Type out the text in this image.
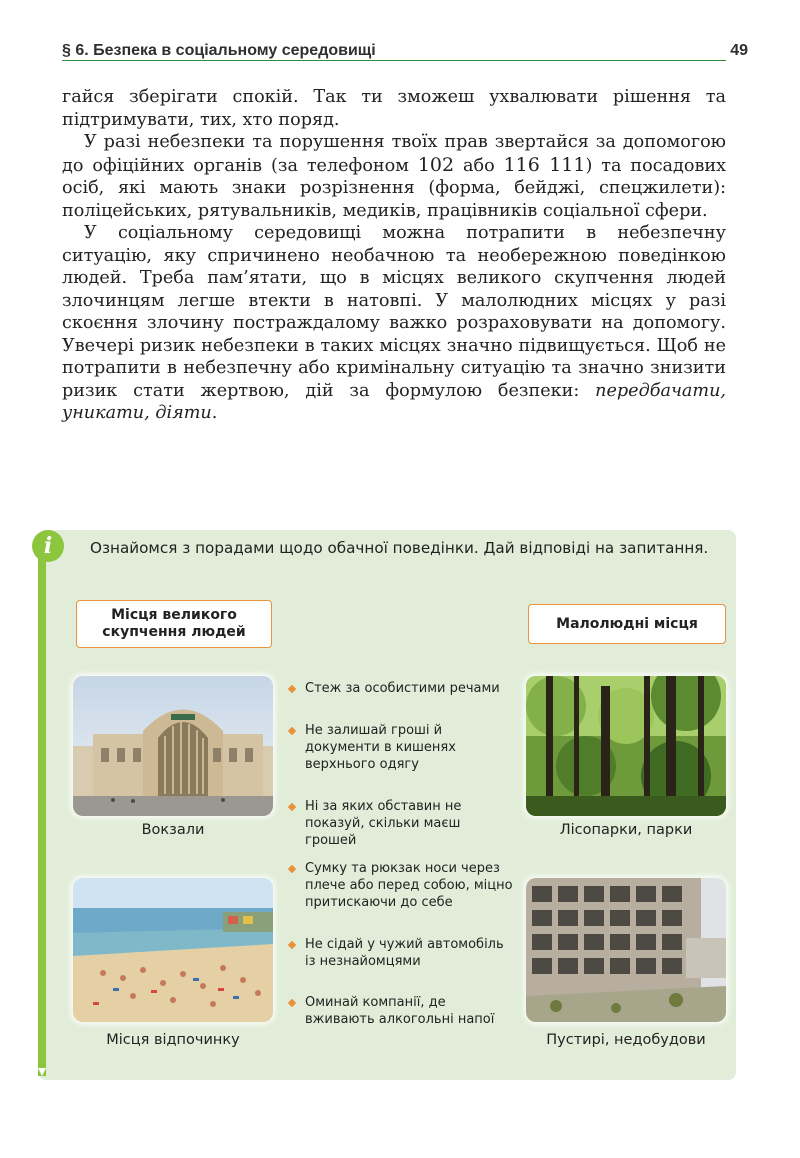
§ 6. Безпека в соціальному середовищі	49

гайся зберігати спокій. Так ти зможеш ухвалювати рішення та підтримувати, тих, хто поряд.

У разі небезпеки та порушення твоїх прав звертайся за допомогою до офіційних органів (за телефоном 102 або 116 111) та посадових осіб, які мають знаки розрізнення (форма, бейджі, спецжилети): поліцейських, рятувальників, медиків, працівників соціальної сфери.

У соціальному середовищі можна потрапити в небезпечну ситуацію, яку спричинено необачною та необережною поведінкою людей. Треба пам’ятати, що в місцях великого скупчення людей злочинцям легше втекти в натовпі. У малолюдних місцях у разі скоєння злочину постраждалому важко розраховувати на допомогу. Увечері ризик небезпеки в таких місцях значно підвищується. Щоб не потрапити в небезпечну або кримінальну ситуацію та значно знизити ризик стати жертвою, дій за формулою безпеки: передбачати, уникати, діяти.

i	Ознайомся з порадами щодо обачної поведінки. Дай відповіді на запитання.
Місця великого скупчення людей
Малолюдні місця
Вокзали
Місця відпочинку
Лісопарки, парки
Пустирі, недобудови
Стеж за особистими речами
Не залишай гроші й документи в кишенях верхнього одягу
Ні за яких обставин не показуй, скільки маєш грошей
Сумку та рюкзак носи через плече або перед собою, міцно притискаючи до себе
Не сідай у чужий автомобіль із незнайомцями
Оминай компанії, де вживають алкогольні напої
